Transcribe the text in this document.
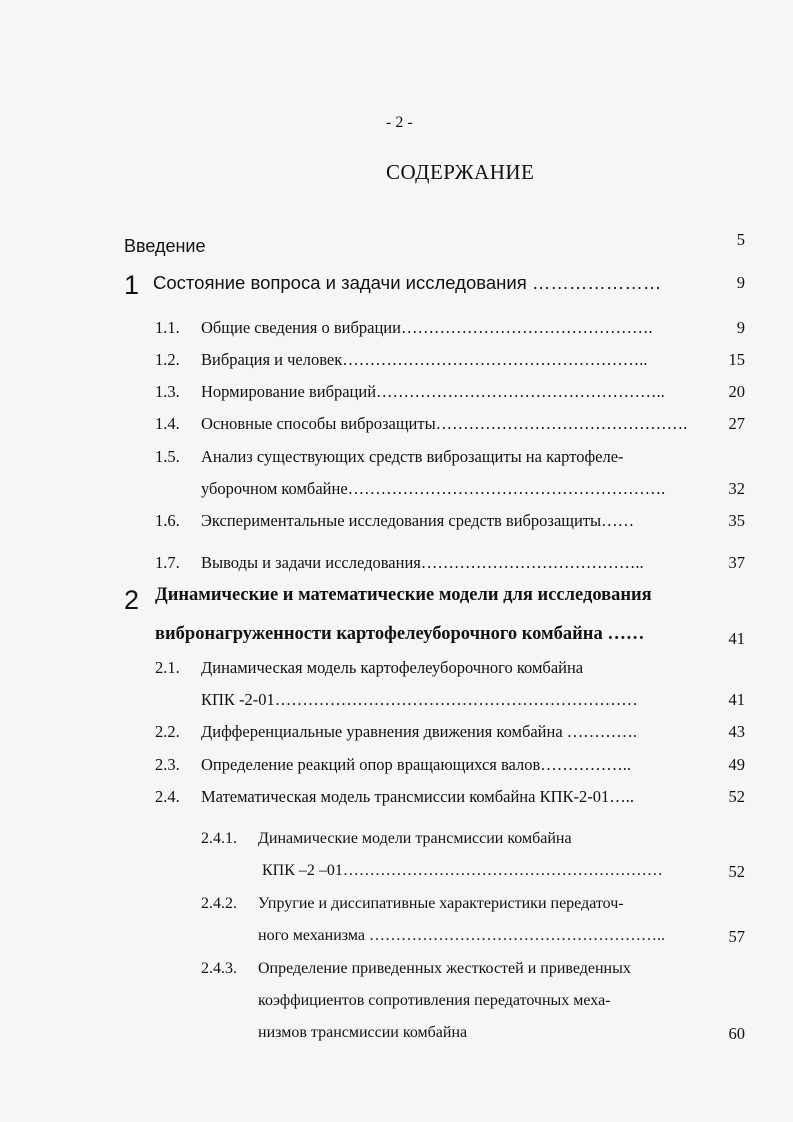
- 2 -
СОДЕРЖАНИЕ
Введение	5
1 Состояние вопроса и задачи исследования …………………	9
1.1. Общие сведения о вибрации……………………………………….	9
1.2. Вибрация и человек………………………………………………..	15
1.3. Нормирование вибраций……………………………………………..	20
1.4. Основные способы виброзащиты……………………………………….	27
1.5. Анализ существующих средств виброзащиты на картофеле-
уборочном комбайне………………………………………………….	32
1.6. Экспериментальные исследования средств виброзащиты……	35
1.7. Выводы и задачи исследования…………………………………..	37
2 Динамические и математические модели для исследования
вибронагруженности картофелеуборочного комбайна ……	41
2.1. Динамическая модель картофелеуборочного комбайна
КПК -2-01…………………………………………………………	41
2.2. Дифференциальные уравнения движения комбайна ………….	43
2.3. Определение реакций опор вращающихся валов……………..	49
2.4. Математическая модель трансмиссии комбайна КПК-2-01…..	52
2.4.1. Динамические модели трансмиссии комбайна
КПК –2 –01……………………………………………………	52
2.4.2. Упругие и диссипативные характеристики передаточ-
ного механизма ………………………………………………..	57
2.4.3. Определение приведенных жесткостей и приведенных
коэффициентов сопротивления передаточных меха-
низмов трансмиссии комбайна	60
